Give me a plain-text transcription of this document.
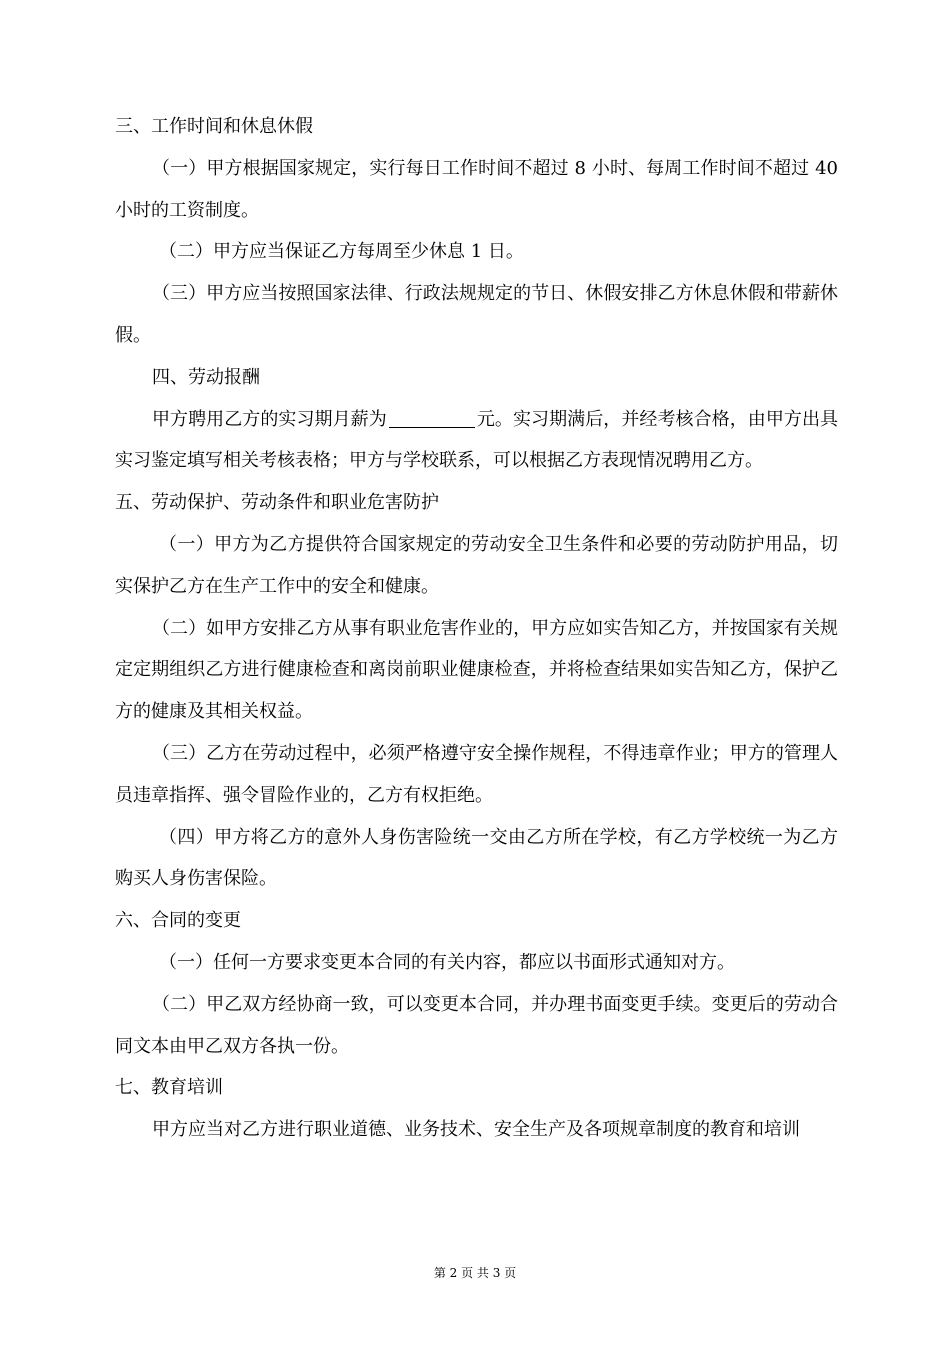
三、工作时间和休息休假

（一）甲方根据国家规定，实行每日工作时间不超过 8 小时、每周工作时间不超过 40 小时的工资制度。

（二）甲方应当保证乙方每周至少休息 1 日。

（三）甲方应当按照国家法律、行政法规规定的节日、休假安排乙方休息休假和带薪休假。

四、劳动报酬

甲方聘用乙方的实习期月薪为	元。实习期满后，并经考核合格，由甲方出具实习鉴定填写相关考核表格；甲方与学校联系，可以根据乙方表现情况聘用乙方。

五、劳动保护、劳动条件和职业危害防护

（一）甲方为乙方提供符合国家规定的劳动安全卫生条件和必要的劳动防护用品，切实保护乙方在生产工作中的安全和健康。

（二）如甲方安排乙方从事有职业危害作业的，甲方应如实告知乙方，并按国家有关规定定期组织乙方进行健康检查和离岗前职业健康检查，并将检查结果如实告知乙方，保护乙方的健康及其相关权益。

（三）乙方在劳动过程中，必须严格遵守安全操作规程，不得违章作业；甲方的管理人员违章指挥、强令冒险作业的，乙方有权拒绝。

（四）甲方将乙方的意外人身伤害险统一交由乙方所在学校，有乙方学校统一为乙方购买人身伤害保险。

六、合同的变更

（一）任何一方要求变更本合同的有关内容，都应以书面形式通知对方。

（二）甲乙双方经协商一致，可以变更本合同，并办理书面变更手续。变更后的劳动合同文本由甲乙双方各执一份。

七、教育培训

甲方应当对乙方进行职业道德、业务技术、安全生产及各项规章制度的教育和培训

第 2 页 共 3 页
